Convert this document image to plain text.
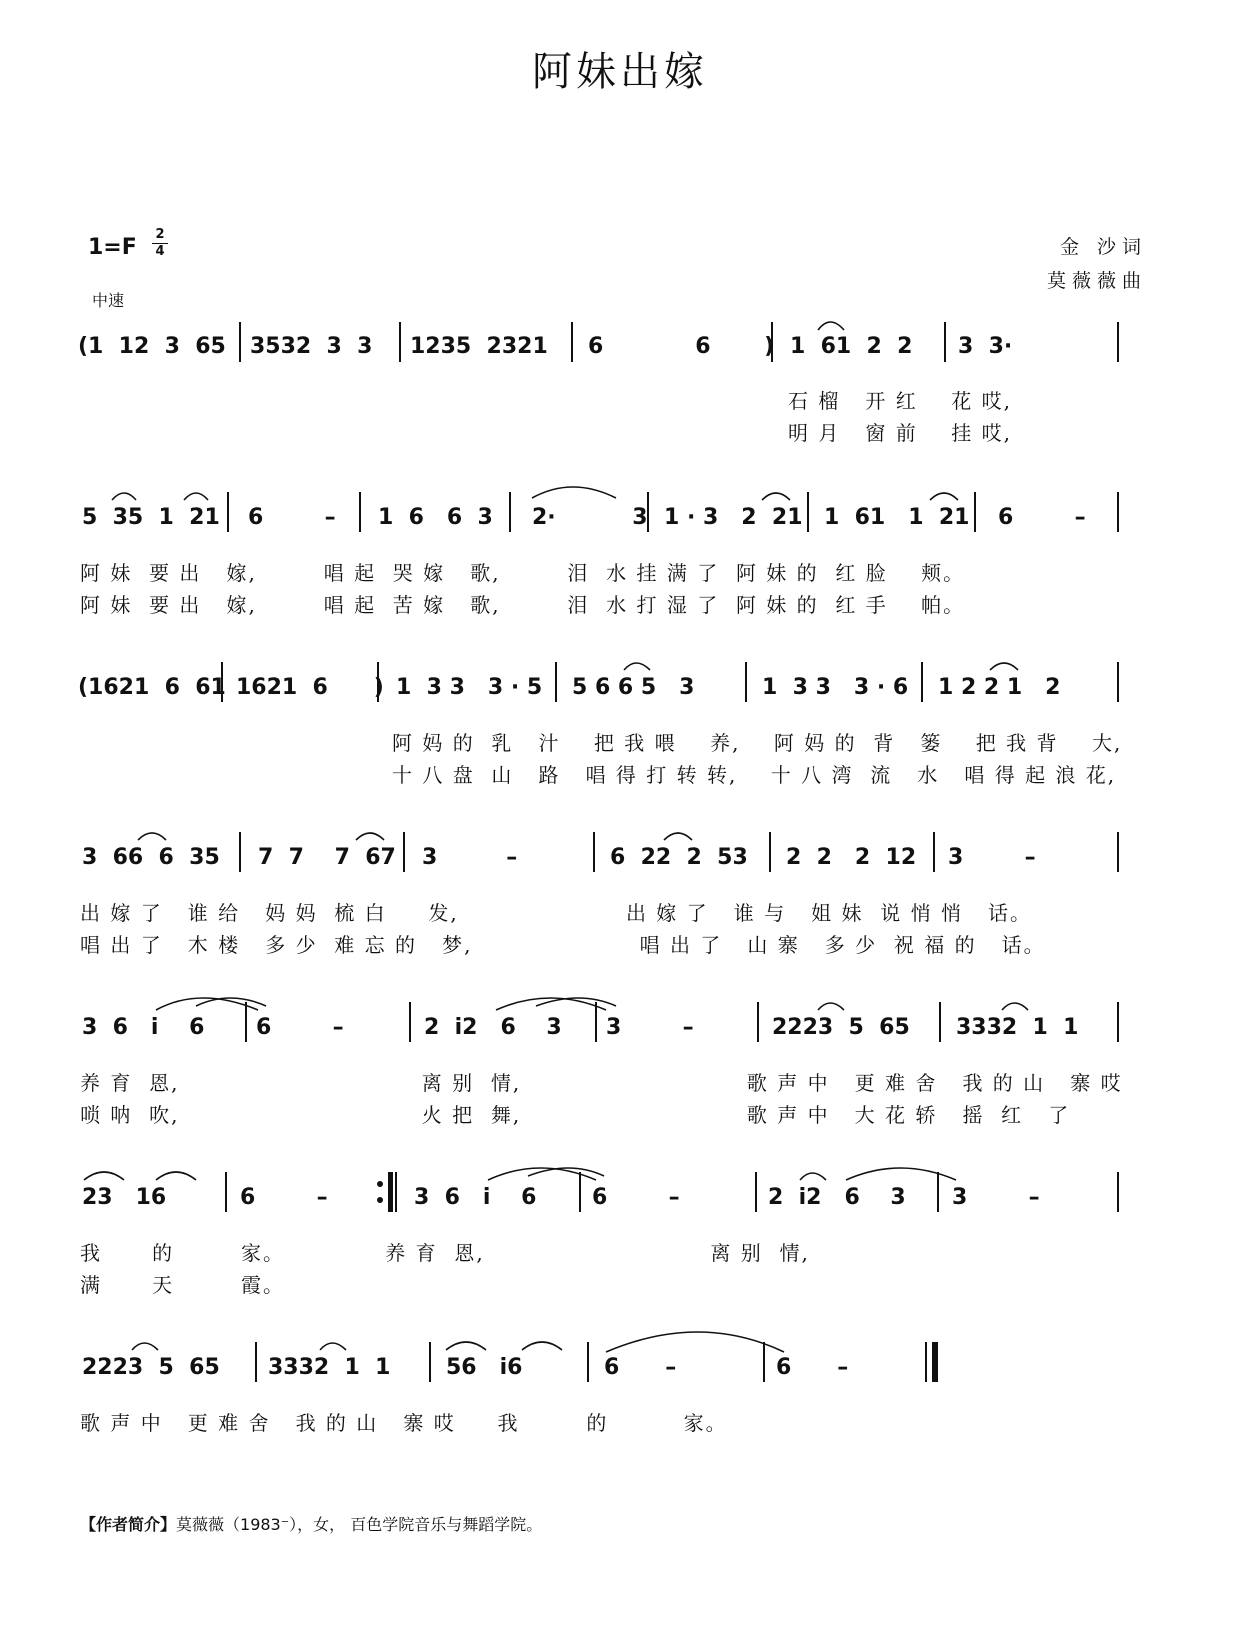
阿妹出嫁
1=F
2
4
中速
金 沙词
莫薇薇曲
(1  12  3  65 3532  3  3 1235  2321 6            6       ) 1  61  2  2 3  3·
石 榴   开 红    花 哎,
明 月   窗 前    挂 哎,
5  35  1  21 6        – 1  6   6  3 2·          3 1 · 3   2  21 1  61   1  21 6        –
阿 妹  要 出   嫁,        唱 起  哭 嫁   歌,        泪  水 挂 满 了  阿 妹 的  红 脸    颊。
阿 妹  要 出   嫁,        唱 起  苦 嫁   歌,        泪  水 打 湿 了  阿 妹 的  红 手    帕。
(1621  6  61 1621  6      ) 1  3 3   3 · 5 5 6 6 5   3	1  3 3   3 · 6 1 2 2 1   2
阿 妈 的  乳   汁    把 我 喂    养,    阿 妈 的  背   篓    把 我 背    大,
十 八 盘  山   路   唱 得 打 转 转,    十 八 湾  流   水   唱 得 起 浪 花,
3  66  6  35 7  7    7  67 3         –	6  22  2  53 2  2   2  12 3        –
出 嫁 了   谁 给   妈 妈  梳 白     发,                    出 嫁 了   谁 与   姐 妹  说 悄 悄   话。
唱 出 了   木 楼   多 少  难 忘 的   梦,                    唱 出 了   山 寨   多 少  祝 福 的   话。
3  6   i    6 6        –	2  i2   6    3 3        –	2223  5  65 3332  1  1
养 育  恩,                             离 别  情,                           歌 声 中   更 难 舍   我 的 山   寨 哎
唢 呐  吹,                             火 把  舞,                           歌 声 中   大 花 轿   摇  红   了
23   16	6        –	3  6   i    6	6        –	2  i2   6    3 3        –
我      的        家。            养 育  恩,                           离 别  情,
满      天        霞。
2223  5  65 3332  1  1	56   i6	6      –	6      –
歌 声 中   更 难 舍   我 的 山   寨 哎     我        的         家。
【作者简介】莫薇薇（1983⁻），女， 百色学院音乐与舞蹈学院。
